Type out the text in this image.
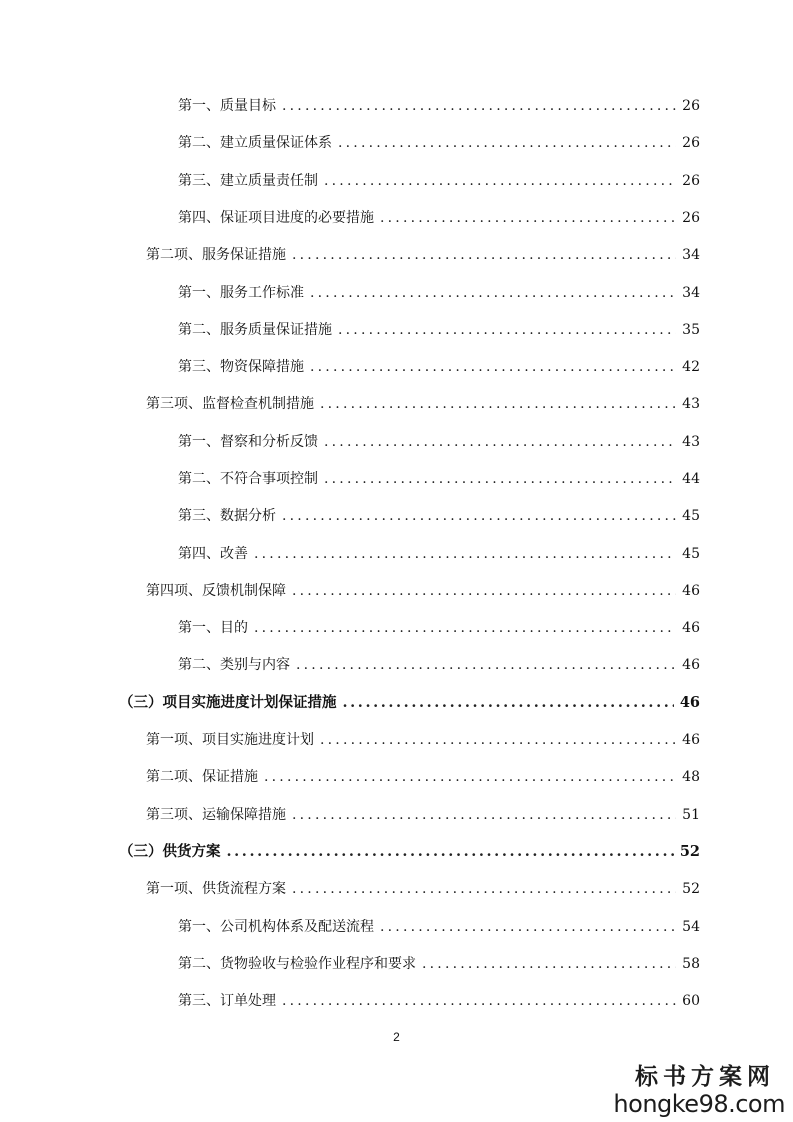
第一、质量目标 .....	26
第二、建立质量保证体系 .....	26
第三、建立质量责任制 .....	26
第四、保证项目进度的必要措施 .....	26
第二项、服务保证措施 .....	34
第一、服务工作标准 .....	34
第二、服务质量保证措施 .....	35
第三、物资保障措施 .....	42
第三项、监督检查机制措施 .....	43
第一、督察和分析反馈 .....	43
第二、不符合事项控制 .....	44
第三、数据分析 .....	45
第四、改善 .....	45
第四项、反馈机制保障 .....	46
第一、目的 .....	46
第二、类别与内容 .....	46
（三）项目实施进度计划保证措施 .....	46
第一项、项目实施进度计划 .....	46
第二项、保证措施 .....	48
第三项、运输保障措施 .....	51
（三）供货方案 .....	52
第一项、供货流程方案 .....	52
第一、公司机构体系及配送流程 .....	54
第二、货物验收与检验作业程序和要求 .....	58
第三、订单处理 .....	60
2
标书方案网
hongke98.com
